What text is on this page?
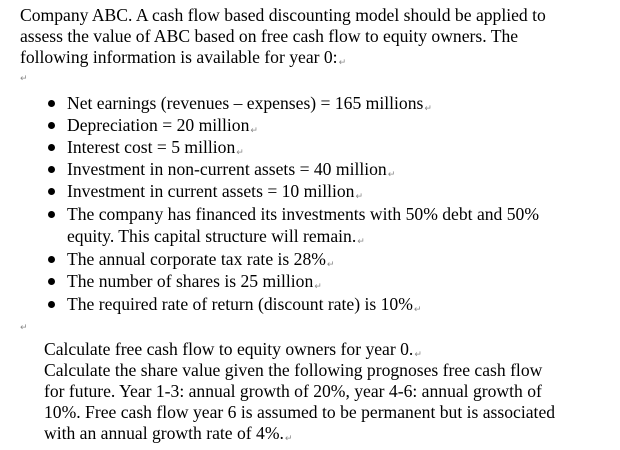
Company ABC. A cash flow based discounting model should be applied to
assess the value of ABC based on free cash flow to equity owners. The
following information is available for year 0:↵
↵
Net earnings (revenues – expenses) = 165 millions↵
Depreciation = 20 million↵
Interest cost = 5 million↵
Investment in non-current assets = 40 million↵
Investment in current assets = 10 million↵
The company has financed its investments with 50% debt and 50%
equity. This capital structure will remain.↵
The annual corporate tax rate is 28%↵
The number of shares is 25 million↵
The required rate of return (discount rate) is 10%↵
↵
Calculate free cash flow to equity owners for year 0.↵
Calculate the share value given the following prognoses free cash flow
for future. Year 1-3: annual growth of 20%, year 4-6: annual growth of
10%. Free cash flow year 6 is assumed to be permanent but is associated
with an annual growth rate of 4%.↵
